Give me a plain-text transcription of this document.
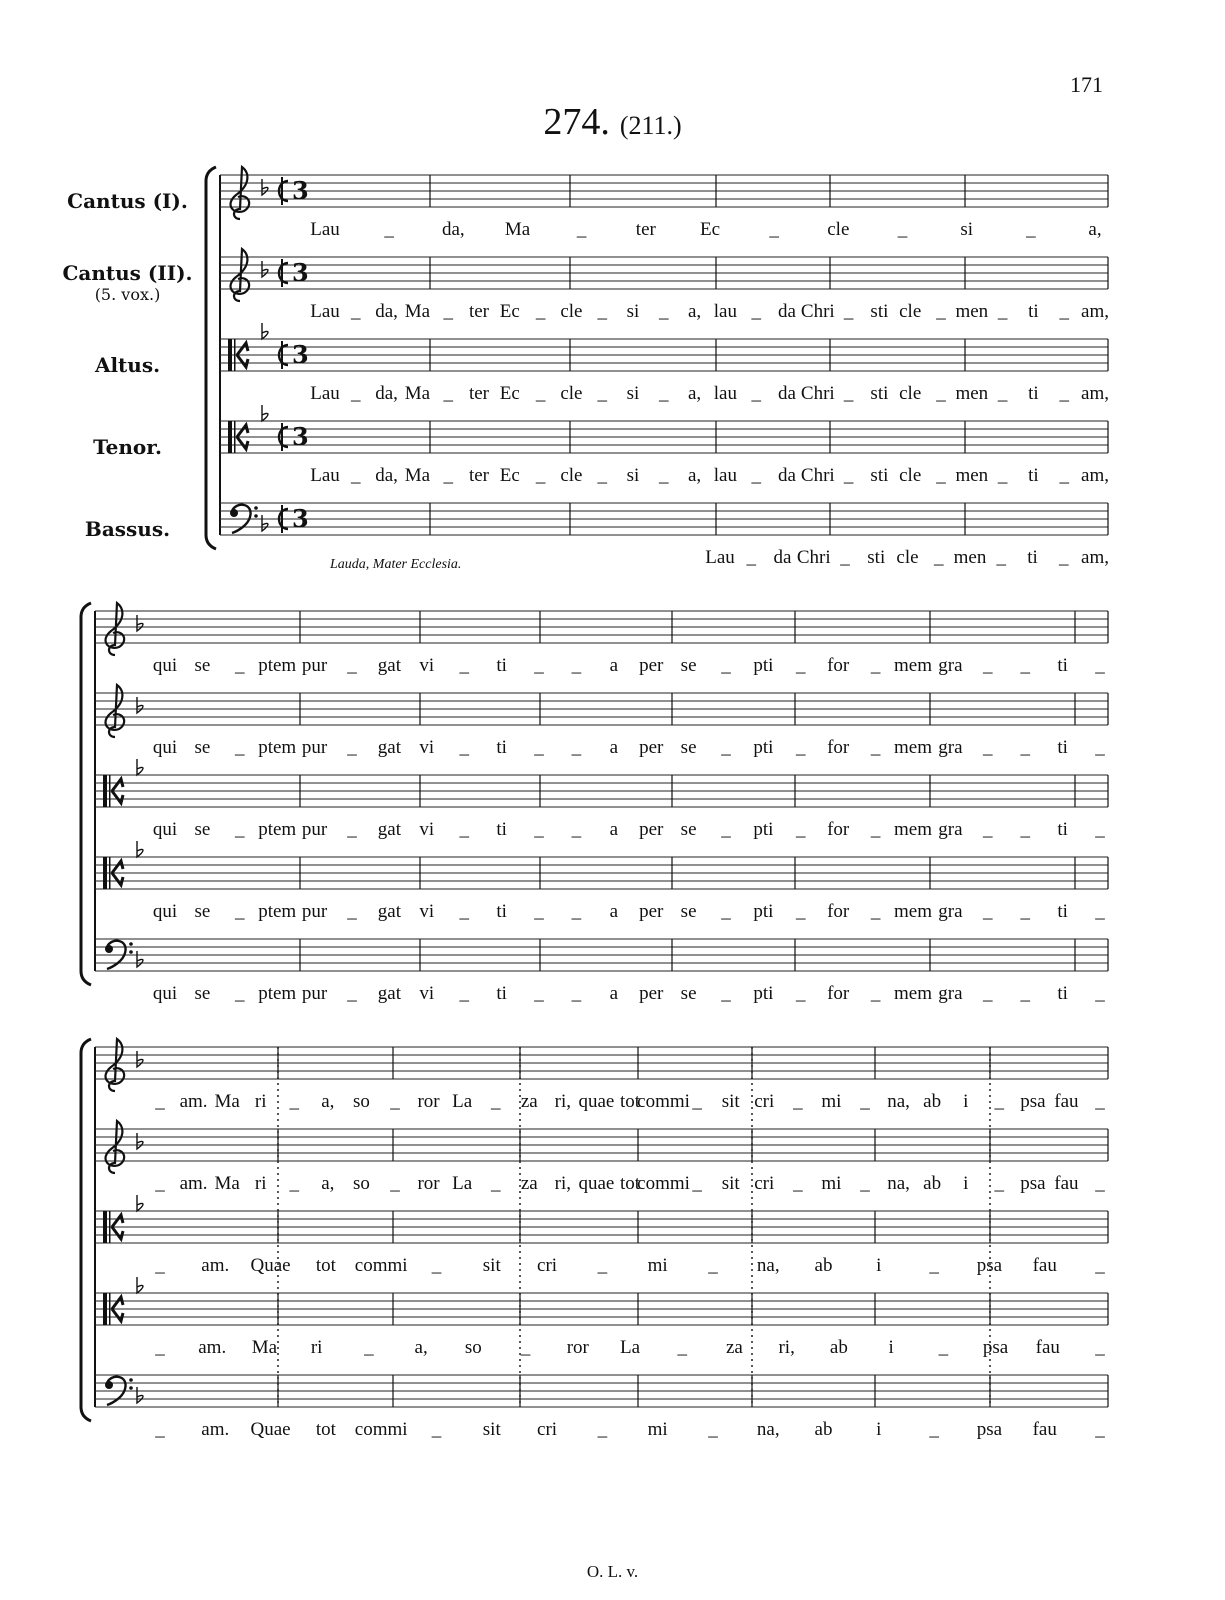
171
274. (211.)
Cantus (I).
Cantus (II).
(5. vox.)
Altus.
Tenor.
Bassus.
3
Lau _	da, Ma _	ter Ec	_	cle	_	si	_	a,
3
Lau _ da, Ma _ ter Ec _ cle _ si _ a, lau _ da Chri _ sti cle _ men _ ti _ am,
3
Lau _ da, Ma _ ter Ec _ cle _ si _ a, lau _ da Chri _ sti cle _ men _ ti _ am,
3
Lau _ da, Ma _ ter Ec _ cle _ si _ a, lau _ da Chri _ sti cle _ men _ ti _ am,
3
Lau _ da Chri _ sti cle _ men _ ti _ am,
qui se _ ptem pur _ gat vi _ ti _ _ a per se _ pti _ for _ mem gra _ _ ti _
qui se _ ptem pur _ gat vi _ ti _ _ a per se _ pti _ for _ mem gra _ _ ti _
qui se _ ptem pur _ gat vi _ ti _ _ a per se _ pti _ for _ mem gra _ _ ti _
qui se _ ptem pur _ gat vi _ ti _ _ a per se _ pti _ for _ mem gra _ _ ti _
qui se _ ptem pur _ gat vi _ ti _ _ a per se _ pti _ for _ mem gra _ _ ti _
_ am. Ma ri _ a, so _ ror La _ za ri, quae tot
commi _ sit cri _ mi _ na, ab i _ psa fau _
_ am. Ma ri _ a, so _ ror La _ za ri, quae tot
commi _ sit cri _ mi _ na, ab i _ psa fau _
_ am. Quae tot commi _ sit cri _ mi _ na, ab i	_ psa fau _
_ am. Ma ri _ a, so _ ror La _ za ri, ab i _ psa fau _
_ am. Quae tot commi _ sit cri _ mi _ na, ab i	_ psa fau _
Lauda, Mater Ecclesia.
O. L. v.
